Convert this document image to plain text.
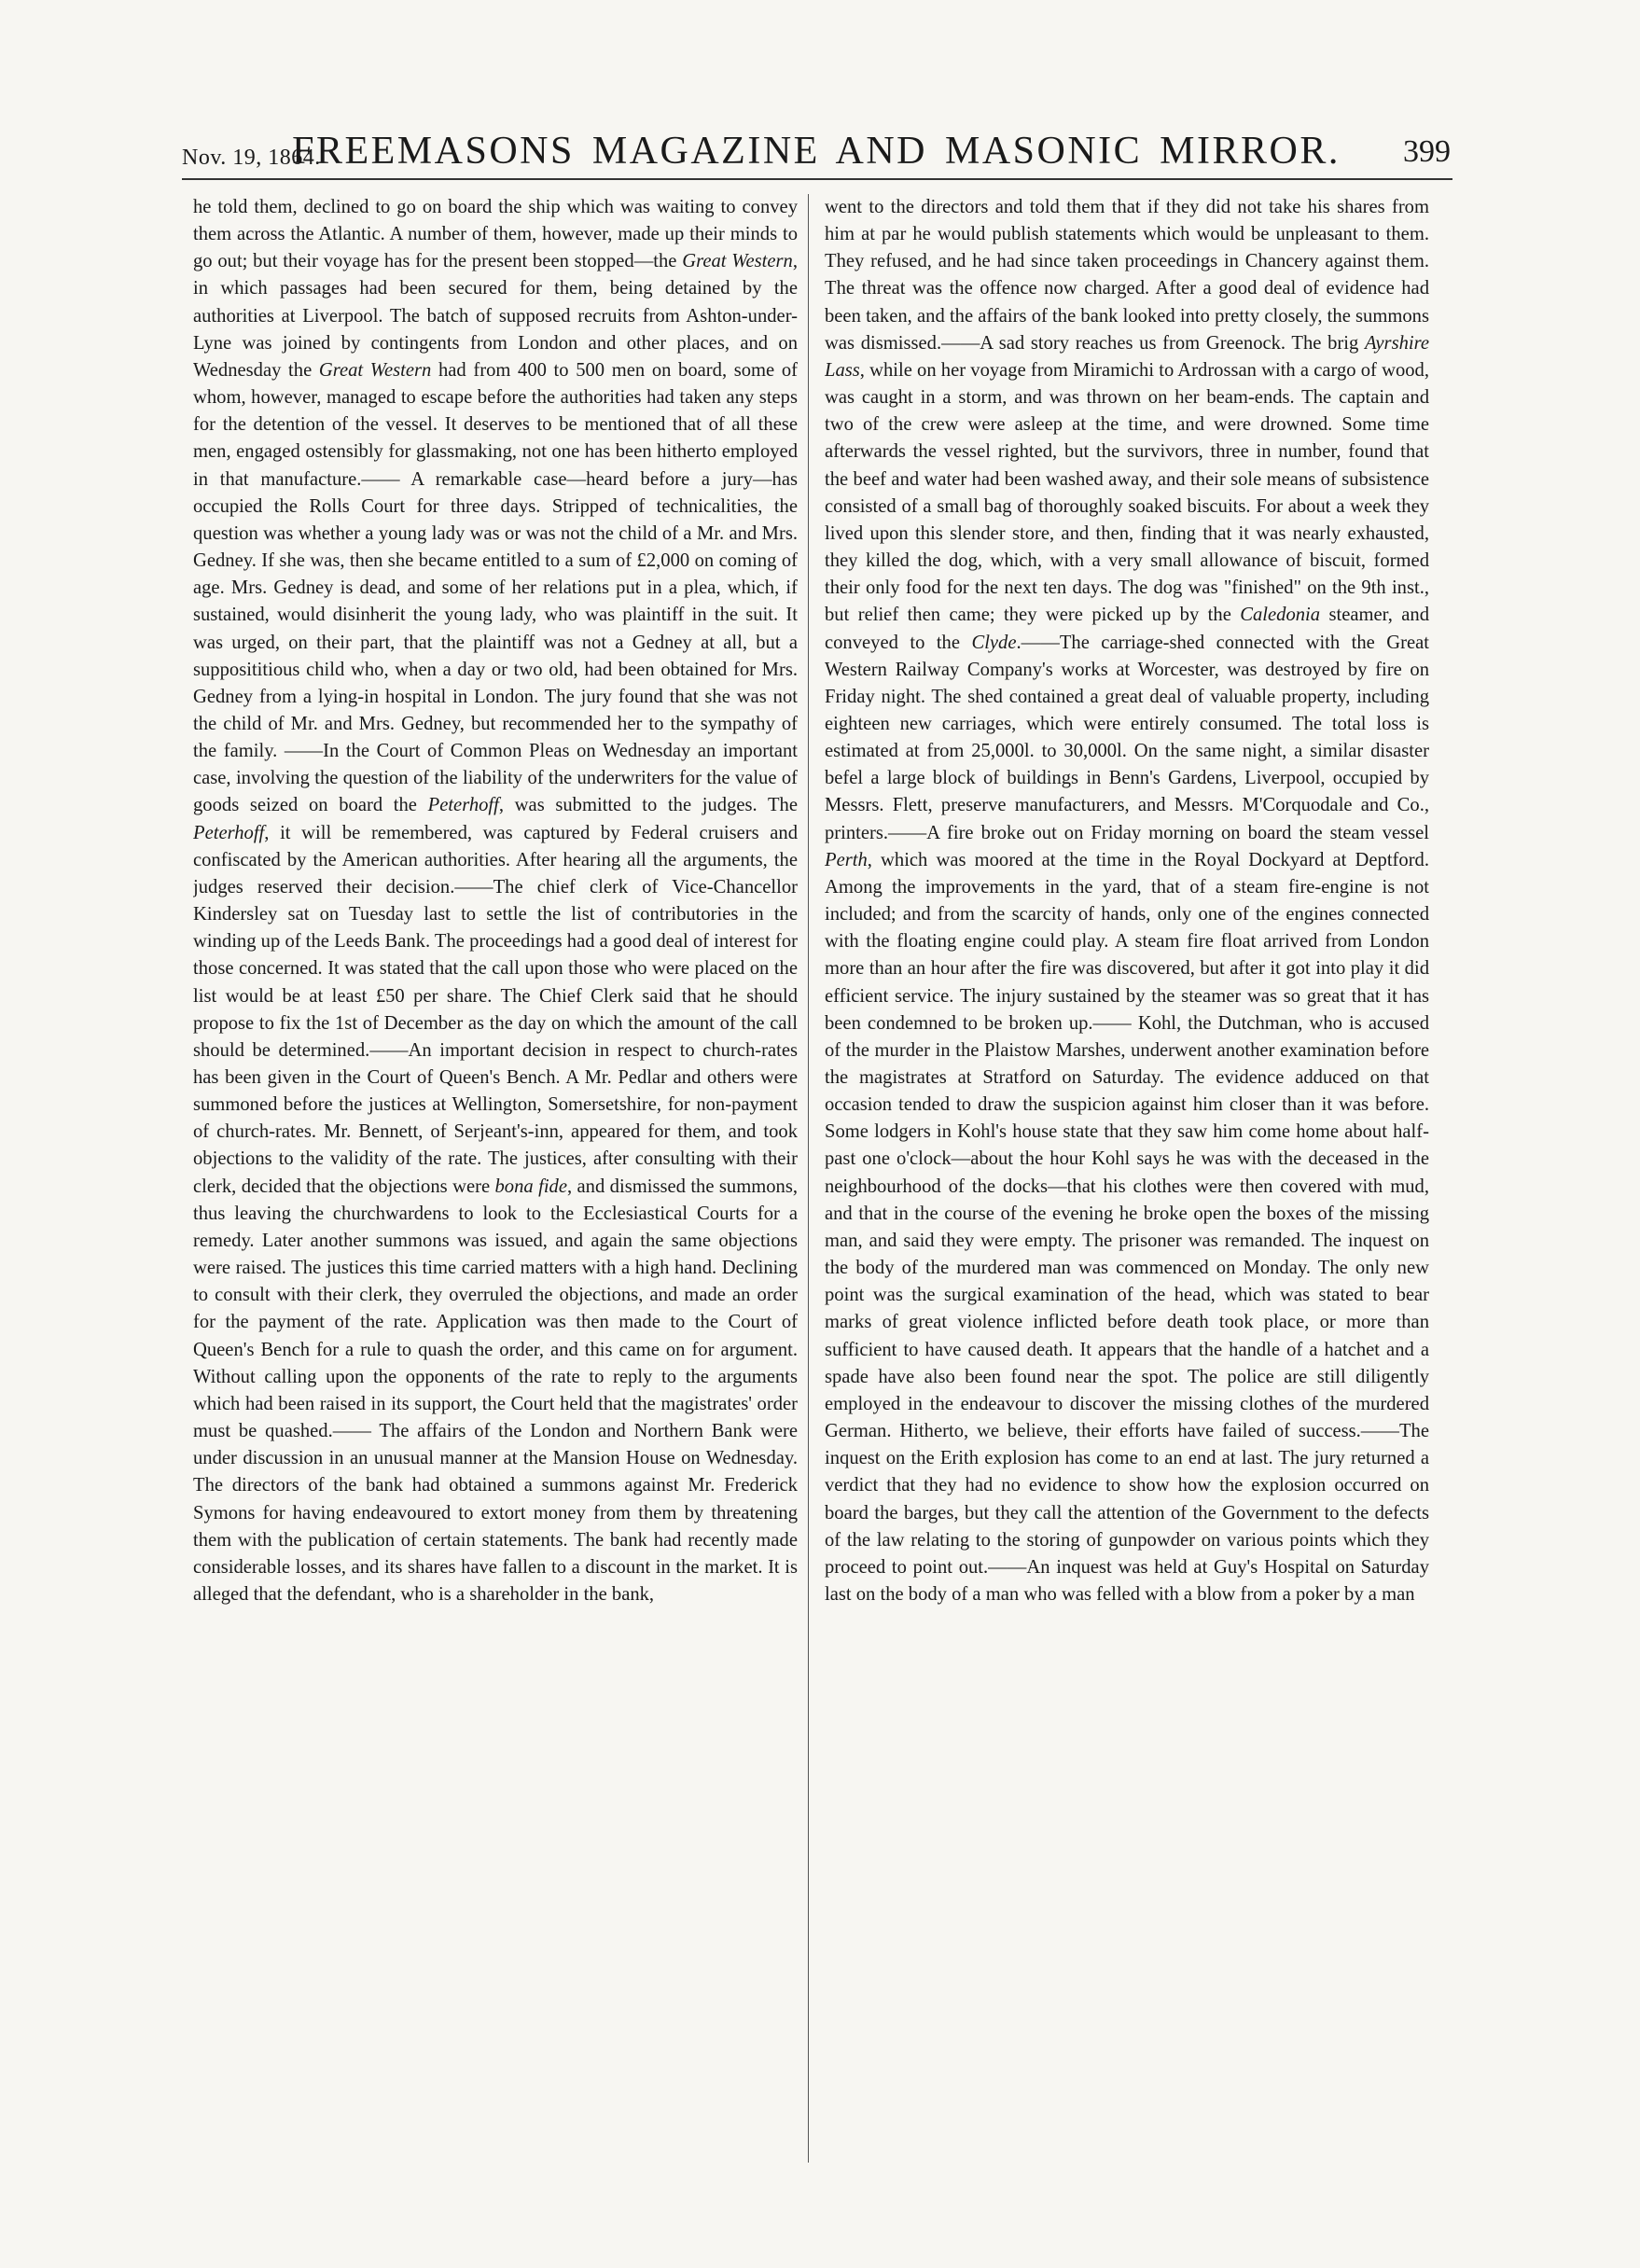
Nov. 19, 1864.
FREEMASONS MAGAZINE AND MASONIC MIRROR.	399

he told them, declined to go on board the ship which was waiting to convey them across the Atlantic. A number of them, however, made up their minds to go out; but their voyage has for the present been stopped—the Great Western, in which passages had been secured for them, being detained by the authorities at Liverpool. The batch of supposed recruits from Ashton-under-Lyne was joined by contingents from London and other places, and on Wednesday the Great Western had from 400 to 500 men on board, some of whom, however, managed to escape before the authorities had taken any steps for the detention of the vessel. It deserves to be mentioned that of all these men, engaged ostensibly for glassmaking, not one has been hitherto employed in that manufacture.—— A remarkable case—heard before a jury—has occupied the Rolls Court for three days. Stripped of technicalities, the question was whether a young lady was or was not the child of a Mr. and Mrs. Gedney. If she was, then she became entitled to a sum of £2,000 on coming of age. Mrs. Gedney is dead, and some of her relations put in a plea, which, if sustained, would disinherit the young lady, who was plaintiff in the suit. It was urged, on their part, that the plaintiff was not a Gedney at all, but a supposititious child who, when a day or two old, had been obtained for Mrs. Gedney from a lying-in hospital in London. The jury found that she was not the child of Mr. and Mrs. Gedney, but recommended her to the sympathy of the family. ——In the Court of Common Pleas on Wednesday an important case, involving the question of the liability of the underwriters for the value of goods seized on board the Peterhoff, was submitted to the judges. The Peterhoff, it will be remembered, was captured by Federal cruisers and confiscated by the American authorities. After hearing all the arguments, the judges reserved their decision.——The chief clerk of Vice-Chancellor Kindersley sat on Tuesday last to settle the list of contributories in the winding up of the Leeds Bank. The proceedings had a good deal of interest for those concerned. It was stated that the call upon those who were placed on the list would be at least £50 per share. The Chief Clerk said that he should propose to fix the 1st of December as the day on which the amount of the call should be determined.——An important decision in respect to church-rates has been given in the Court of Queen's Bench. A Mr. Pedlar and others were summoned before the justices at Wellington, Somersetshire, for non-payment of church-rates. Mr. Bennett, of Serjeant's-inn, appeared for them, and took objections to the validity of the rate. The justices, after consulting with their clerk, decided that the objections were bona fide, and dismissed the summons, thus leaving the churchwardens to look to the Ecclesiastical Courts for a remedy. Later another summons was issued, and again the same objections were raised. The justices this time carried matters with a high hand. Declining to consult with their clerk, they overruled the objections, and made an order for the payment of the rate. Application was then made to the Court of Queen's Bench for a rule to quash the order, and this came on for argument. Without calling upon the opponents of the rate to reply to the arguments which had been raised in its support, the Court held that the magistrates' order must be quashed.—— The affairs of the London and Northern Bank were under discussion in an unusual manner at the Mansion House on Wednesday. The directors of the bank had obtained a summons against Mr. Frederick Symons for having endeavoured to extort money from them by threatening them with the publication of certain statements. The bank had recently made considerable losses, and its shares have fallen to a discount in the market. It is alleged that the defendant, who is a shareholder in the bank,

went to the directors and told them that if they did not take his shares from him at par he would publish statements which would be unpleasant to them. They refused, and he had since taken proceedings in Chancery against them. The threat was the offence now charged. After a good deal of evidence had been taken, and the affairs of the bank looked into pretty closely, the summons was dismissed.——A sad story reaches us from Greenock. The brig Ayrshire Lass, while on her voyage from Miramichi to Ardrossan with a cargo of wood, was caught in a storm, and was thrown on her beam-ends. The captain and two of the crew were asleep at the time, and were drowned. Some time afterwards the vessel righted, but the survivors, three in number, found that the beef and water had been washed away, and their sole means of subsistence consisted of a small bag of thoroughly soaked biscuits. For about a week they lived upon this slender store, and then, finding that it was nearly exhausted, they killed the dog, which, with a very small allowance of biscuit, formed their only food for the next ten days. The dog was "finished" on the 9th inst., but relief then came; they were picked up by the Caledonia steamer, and conveyed to the Clyde.——The carriage-shed connected with the Great Western Railway Company's works at Worcester, was destroyed by fire on Friday night. The shed contained a great deal of valuable property, including eighteen new carriages, which were entirely consumed. The total loss is estimated at from 25,000l. to 30,000l. On the same night, a similar disaster befel a large block of buildings in Benn's Gardens, Liverpool, occupied by Messrs. Flett, preserve manufacturers, and Messrs. M'Corquodale and Co., printers.——A fire broke out on Friday morning on board the steam vessel Perth, which was moored at the time in the Royal Dockyard at Deptford. Among the improvements in the yard, that of a steam fire-engine is not included; and from the scarcity of hands, only one of the engines connected with the floating engine could play. A steam fire float arrived from London more than an hour after the fire was discovered, but after it got into play it did efficient service. The injury sustained by the steamer was so great that it has been condemned to be broken up.—— Kohl, the Dutchman, who is accused of the murder in the Plaistow Marshes, underwent another examination before the magistrates at Stratford on Saturday. The evidence adduced on that occasion tended to draw the suspicion against him closer than it was before. Some lodgers in Kohl's house state that they saw him come home about half-past one o'clock—about the hour Kohl says he was with the deceased in the neighbourhood of the docks—that his clothes were then covered with mud, and that in the course of the evening he broke open the boxes of the missing man, and said they were empty. The prisoner was remanded. The inquest on the body of the murdered man was commenced on Monday. The only new point was the surgical examination of the head, which was stated to bear marks of great violence inflicted before death took place, or more than sufficient to have caused death. It appears that the handle of a hatchet and a spade have also been found near the spot. The police are still diligently employed in the endeavour to discover the missing clothes of the murdered German. Hitherto, we believe, their efforts have failed of success.——The inquest on the Erith explosion has come to an end at last. The jury returned a verdict that they had no evidence to show how the explosion occurred on board the barges, but they call the attention of the Government to the defects of the law relating to the storing of gunpowder on various points which they proceed to point out.——An inquest was held at Guy's Hospital on Saturday last on the body of a man who was felled with a blow from a poker by a man
